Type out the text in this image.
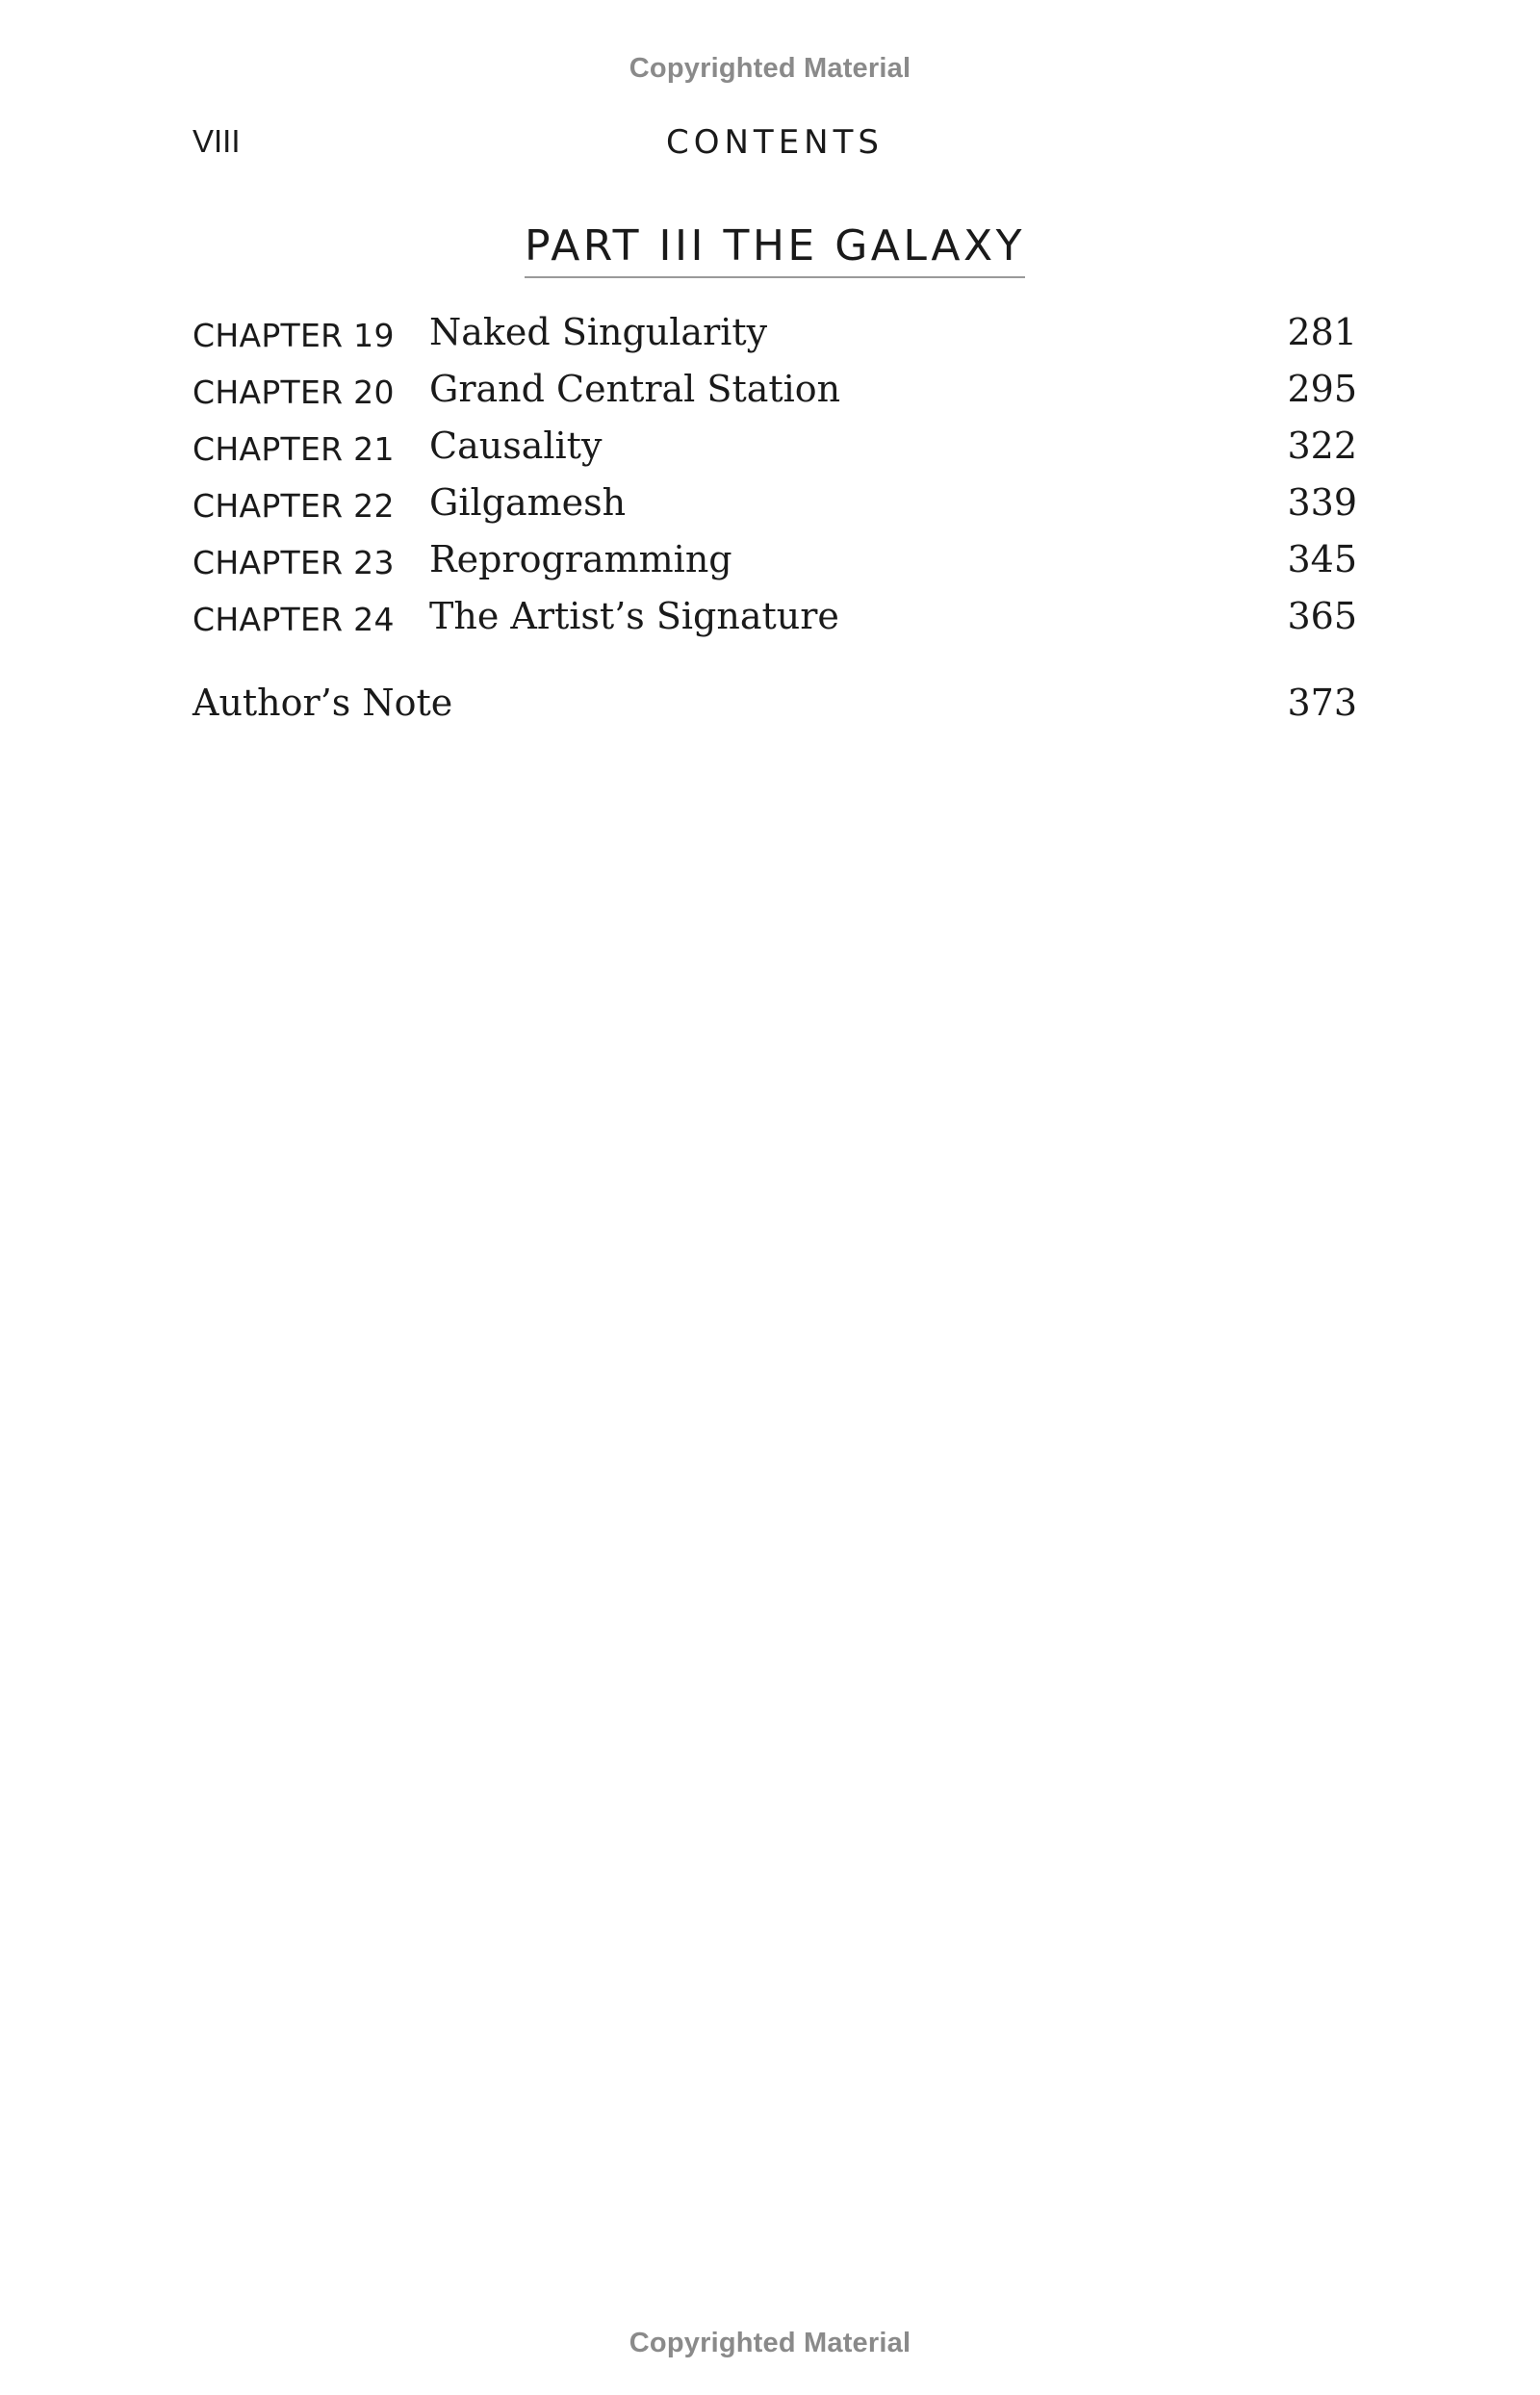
Copyrighted Material
VIII	CONTENTS
PART III THE GALAXY
CHAPTER 19 Naked Singularity	281
CHAPTER 20 Grand Central Station	295
CHAPTER 21 Causality	322
CHAPTER 22 Gilgamesh	339
CHAPTER 23 Reprogramming	345
CHAPTER 24 The Artist’s Signature	365
Author’s Note	373
Copyrighted Material
